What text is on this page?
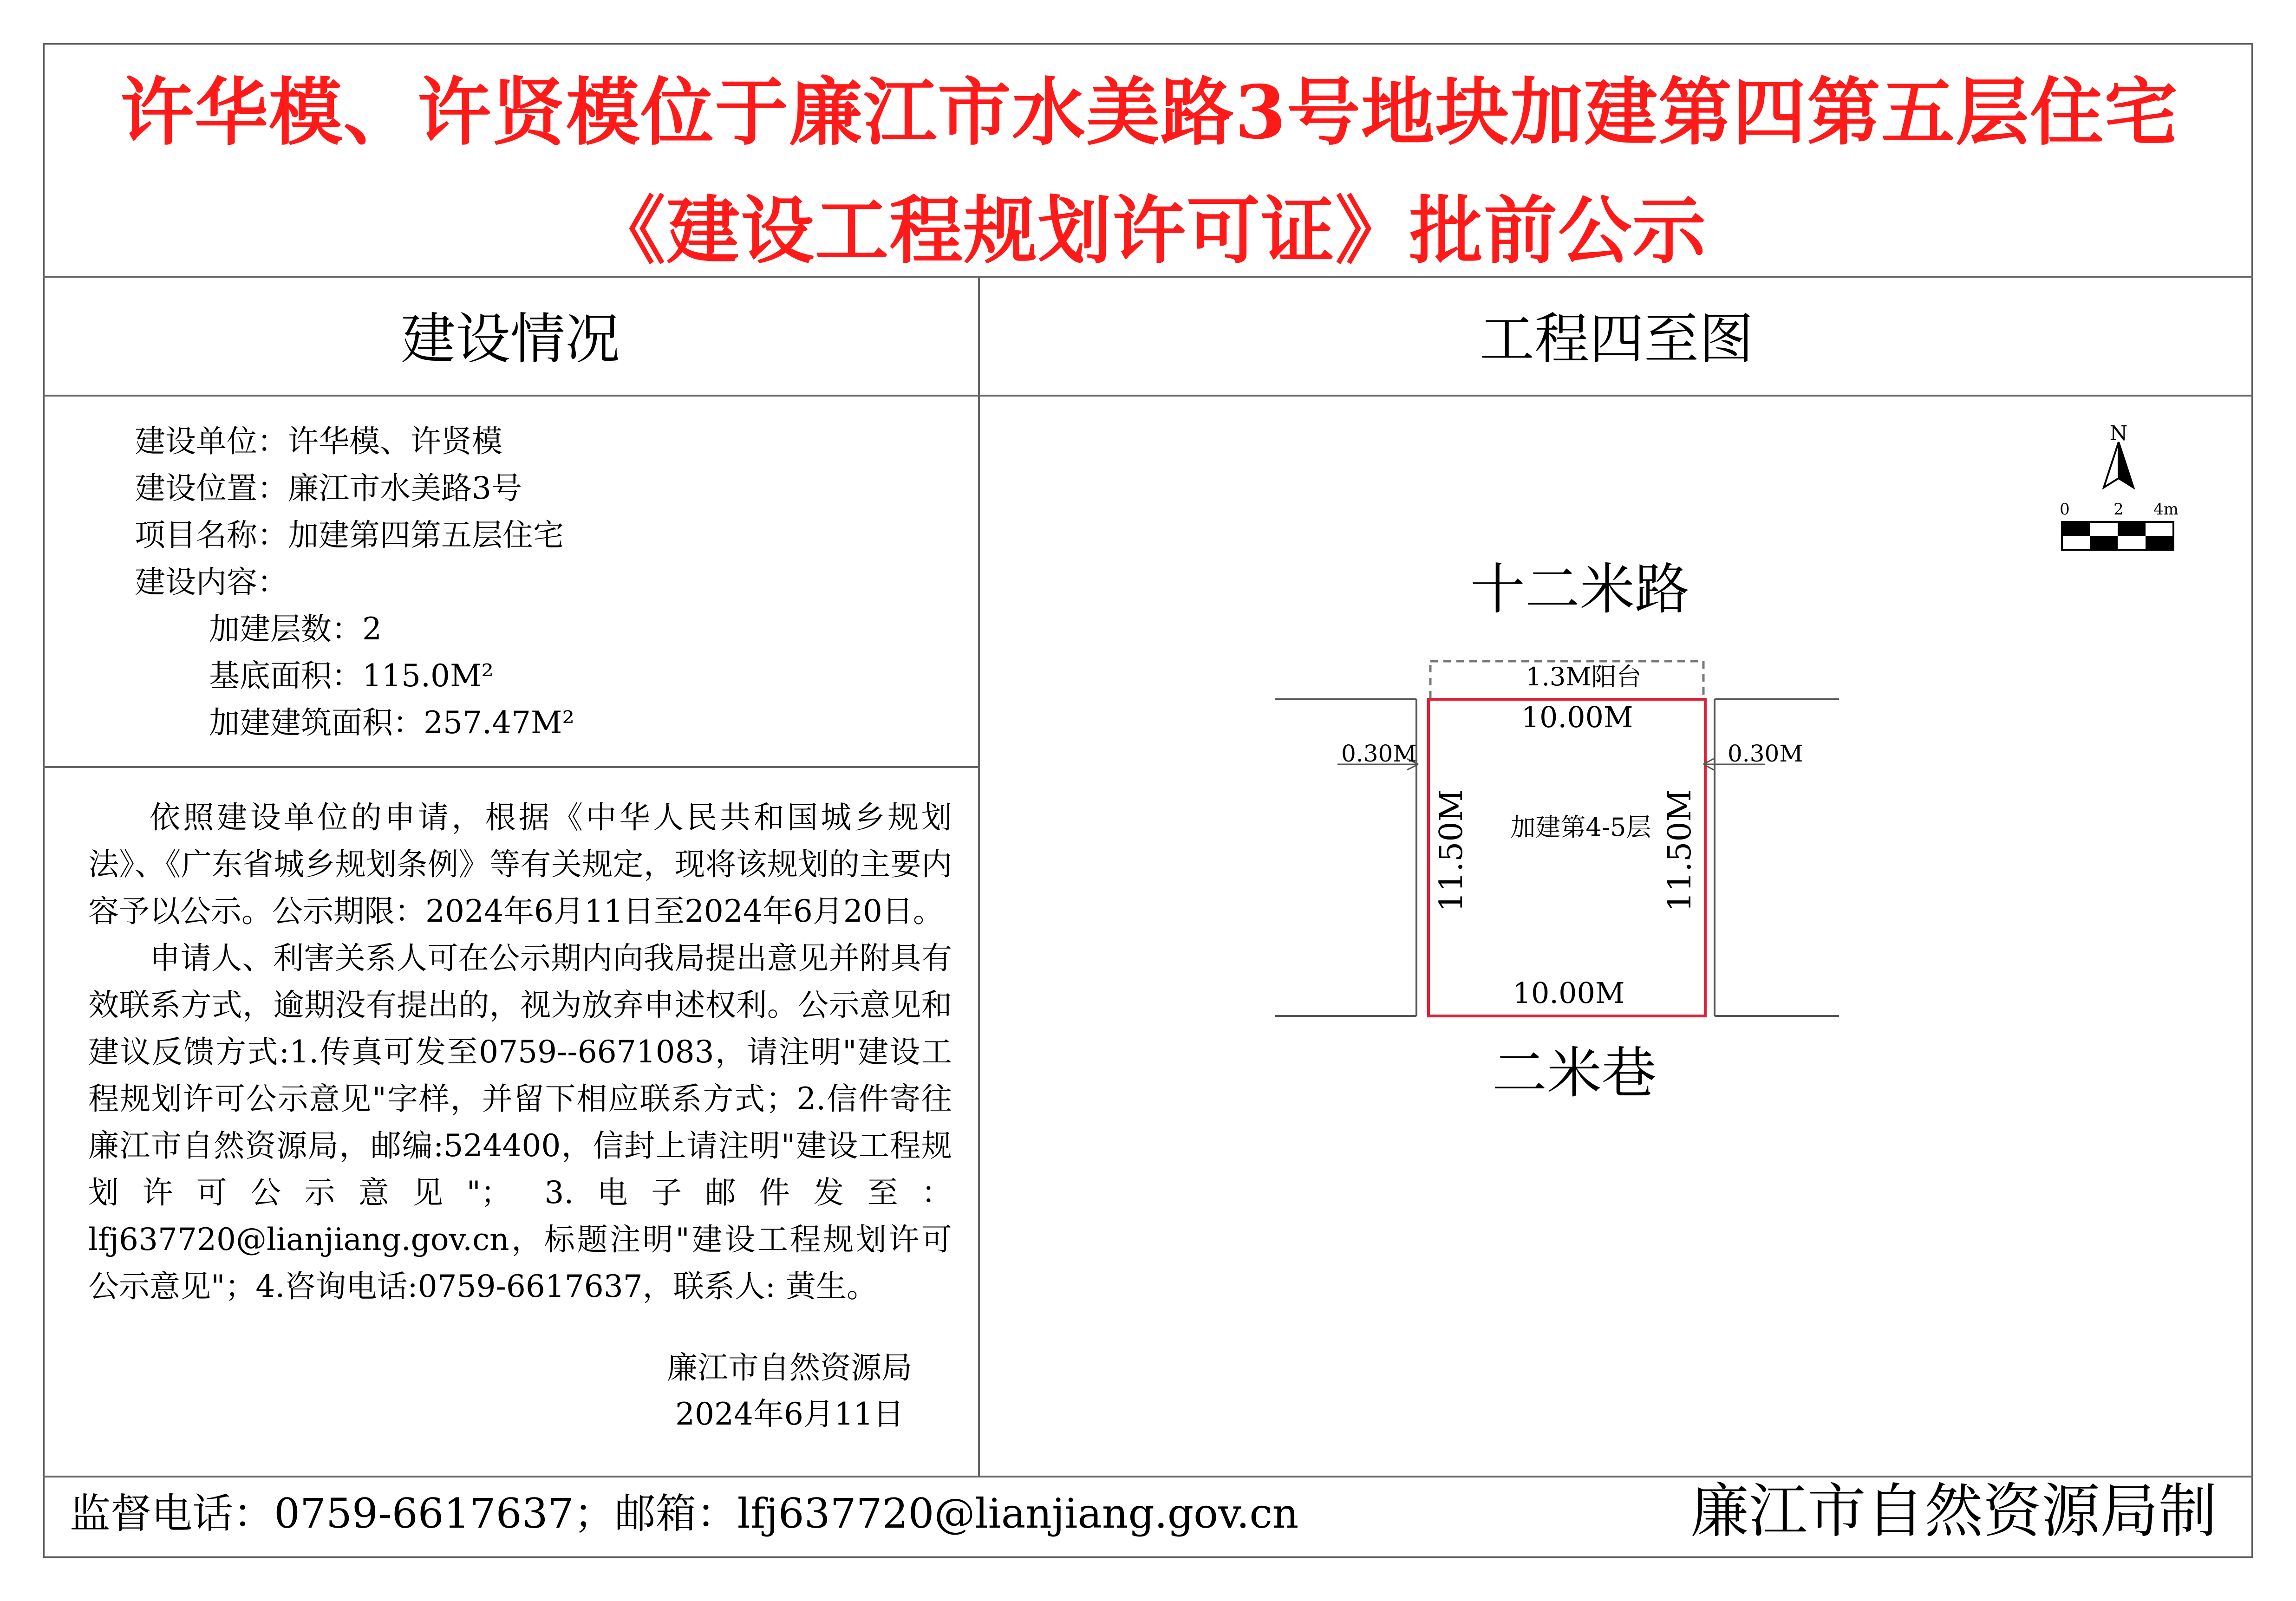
许华模、许贤模位于廉江市水美路3号地块加建第四第五层住宅《建设工程规划许可证》批前公示
建设情况	工程四至图
建设单位：许华模、许贤模
建设位置：廉江市水美路3号
项目名称：加建第四第五层住宅
建设内容：
加建层数：2
基底面积：115.0M²
加建建筑面积：257.47M²

依照建设单位的申请，根据《中华人民共和国城乡规划法》、《广东省城乡规划条例》等有关规定，现将该规划的主要内容予以公示。公示期限：2024年6月11日至2024年6月20日。

申请人、利害关系人可在公示期内向我局提出意见并附具有效联系方式，逾期没有提出的，视为放弃申述权利。公示意见和建议反馈方式:1.传真可发至0759--6671083，请注明"建设工程规划许可公示意见"字样，并留下相应联系方式；2.信件寄往廉江市自然资源局，邮编:524400，信封上请注明"建设工程规划许可公示意见"； 3.电子邮件发至：lfj637720@lianjiang.gov.cn，标题注明"建设工程规划许可公示意见"；4.咨询电话:0759-6617637，联系人: 黄生。

廉江市自然资源局
2024年6月11日
监督电话：0759-6617637；邮箱：lfj637720@lianjiang.gov.cn	廉江市自然资源局制
N
0	2 4m
十二米路
二米巷
1.3M阳台
10.00M
10.00M
加建第4-5层
11.50M	11.50M
0.30M	0.30M
